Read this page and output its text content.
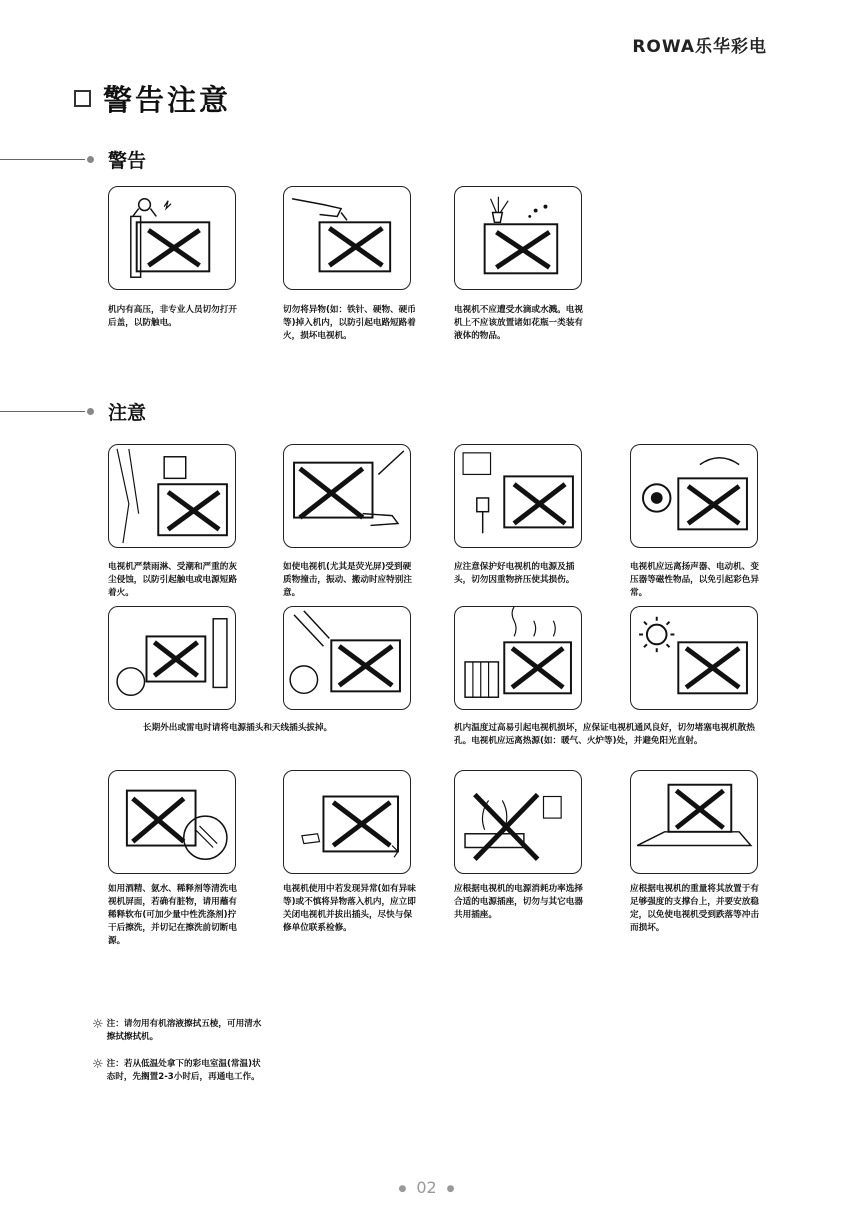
ROWA乐华彩电
警告注意
警告
机内有高压，非专业人员切勿打开后盖，以防触电。
切勿将异物(如：铁针、硬物、硬币等)掉入机内，以防引起电路短路着火，损坏电视机。
电视机不应遭受水滴或水溅。电视机上不应该放置诸如花瓶一类装有液体的物品。
注意
电视机严禁雨淋、受潮和严重的灰尘侵蚀，以防引起触电或电源短路着火。
如使电视机(尤其是荧光屏)受到硬质物撞击，振动、搬动时应特别注意。
应注意保护好电视机的电源及插头，切勿因重物挤压使其损伤。
电视机应远离扬声器、电动机、变压器等磁性物品，以免引起彩色异常。
长期外出或雷电时请将电源插头和天线插头拔掉。	机内温度过高易引起电视机损坏，应保证电视机通风良好，切勿堵塞电视机散热孔。电视机应远离热源(如：暖气、火炉等)处，并避免阳光直射。
如用酒精、氨水、稀释剂等清洗电视机屏面，若确有脏物，请用蘸有稀释软布(可加少量中性洗涤剂)拧干后擦洗，并切记在擦洗前切断电源。
电视机使用中若发现异常(如有异味等)或不慎将异物落入机内，应立即关闭电视机并拔出插头，尽快与保修单位联系检修。
应根据电视机的电源消耗功率选择合适的电源插座，切勿与其它电器共用插座。
应根据电视机的重量将其放置于有足够强度的支撑台上，并要安放稳定，以免使电视机受到跌落等冲击而损坏。
☼ 注：请勿用有机溶液擦拭五棱，可用清水擦拭擦拭机。
☼ 注：若从低温处拿下的彩电室温(常温)状态时，先搁置2-3小时后，再通电工作。
● 02 ●
